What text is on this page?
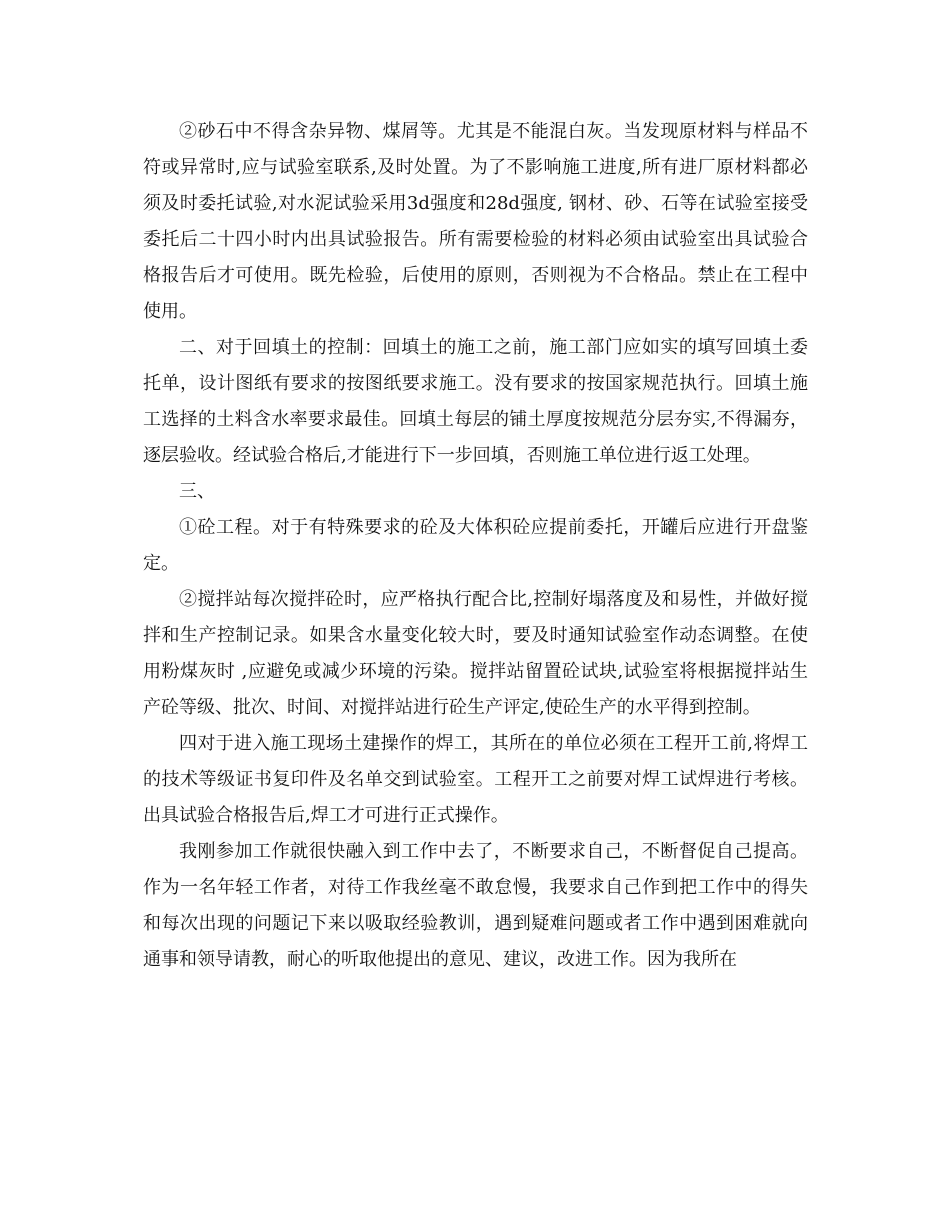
②砂石中不得含杂异物、煤屑等。尤其是不能混白灰。当发现原材料与样品不符或异常时,应与试验室联系,及时处置。为了不影响施工进度,所有进厂原材料都必须及时委托试验,对水泥试验采用3d强度和28d强度, 钢材、砂、石等在试验室接受委托后二十四小时内出具试验报告。所有需要检验的材料必须由试验室出具试验合格报告后才可使用。既先检验，后使用的原则，否则视为不合格品。禁止在工程中使用。

二、对于回填土的控制：回填土的施工之前，施工部门应如实的填写回填土委托单，设计图纸有要求的按图纸要求施工。没有要求的按国家规范执行。回填土施工选择的土料含水率要求最佳。回填土每层的铺土厚度按规范分层夯实,不得漏夯，逐层验收。经试验合格后,才能进行下一步回填，否则施工单位进行返工处理。

三、

①砼工程。对于有特殊要求的砼及大体积砼应提前委托，开罐后应进行开盘鉴定。

②搅拌站每次搅拌砼时，应严格执行配合比,控制好塌落度及和易性，并做好搅拌和生产控制记录。如果含水量变化较大时，要及时通知试验室作动态调整。在使用粉煤灰时 ,应避免或减少环境的污染。搅拌站留置砼试块,试验室将根据搅拌站生产砼等级、批次、时间、对搅拌站进行砼生产评定,使砼生产的水平得到控制。

四对于进入施工现场土建操作的焊工，其所在的单位必须在工程开工前,将焊工的技术等级证书复印件及名单交到试验室。工程开工之前要对焊工试焊进行考核。出具试验合格报告后,焊工才可进行正式操作。

我刚参加工作就很快融入到工作中去了，不断要求自己，不断督促自己提高。作为一名年轻工作者，对待工作我丝毫不敢怠慢，我要求自己作到把工作中的得失和每次出现的问题记下来以吸取经验教训，遇到疑难问题或者工作中遇到困难就向通事和领导请教，耐心的听取他提出的意见、建议，改进工作。因为我所在
